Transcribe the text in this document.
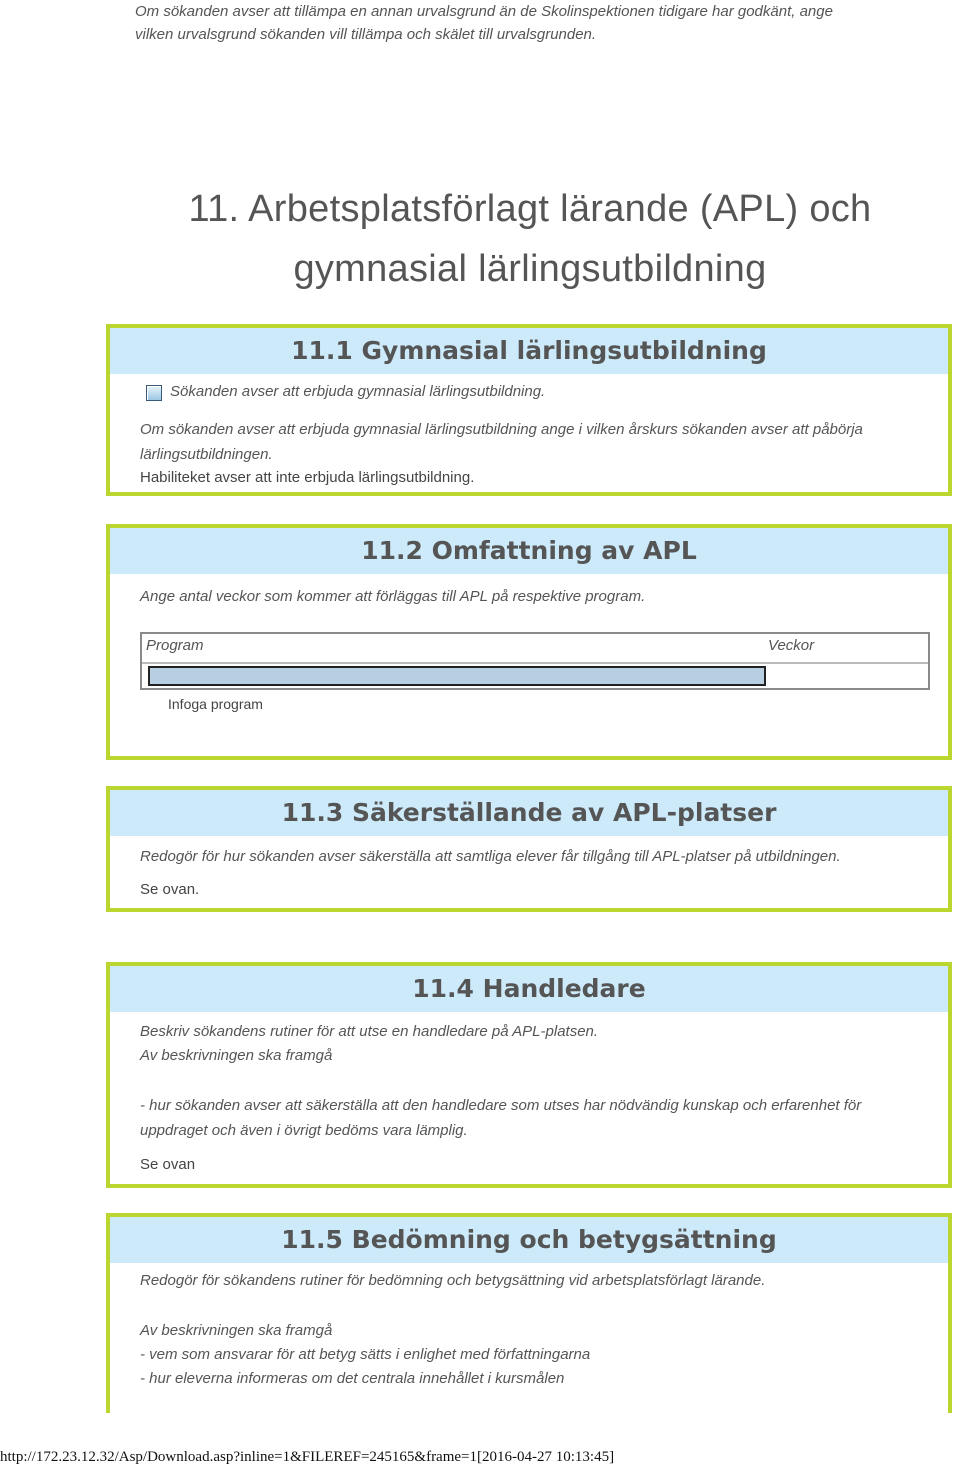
Om sökanden avser att tillämpa en annan urvalsgrund än de Skolinspektionen tidigare har godkänt, ange
vilken urvalsgrund sökanden vill tillämpa och skälet till urvalsgrunden.
11. Arbetsplatsförlagt lärande (APL) och
gymnasial lärlingsutbildning
11.1 Gymnasial lärlingsutbildning
Sökanden avser att erbjuda gymnasial lärlingsutbildning.
Om sökanden avser att erbjuda gymnasial lärlingsutbildning ange i vilken årskurs sökanden avser att påbörja
lärlingsutbildningen.
Habiliteket avser att inte erbjuda lärlingsutbildning.
11.2 Omfattning av APL
Ange antal veckor som kommer att förläggas till APL på respektive program.
Program	Veckor
Infoga program
11.3 Säkerställande av APL-platser
Redogör för hur sökanden avser säkerställa att samtliga elever får tillgång till APL-platser på utbildningen.
Se ovan.
11.4 Handledare
Beskriv sökandens rutiner för att utse en handledare på APL-platsen.
Av beskrivningen ska framgå
- hur sökanden avser att säkerställa att den handledare som utses har nödvändig kunskap och erfarenhet för
uppdraget och även i övrigt bedöms vara lämplig.
Se ovan
11.5 Bedömning och betygsättning
Redogör för sökandens rutiner för bedömning och betygsättning vid arbetsplatsförlagt lärande.
Av beskrivningen ska framgå
- vem som ansvarar för att betyg sätts i enlighet med författningarna
- hur eleverna informeras om det centrala innehållet i kursmålen
http://172.23.12.32/Asp/Download.asp?inline=1&FILEREF=245165&frame=1[2016-04-27 10:13:45]
